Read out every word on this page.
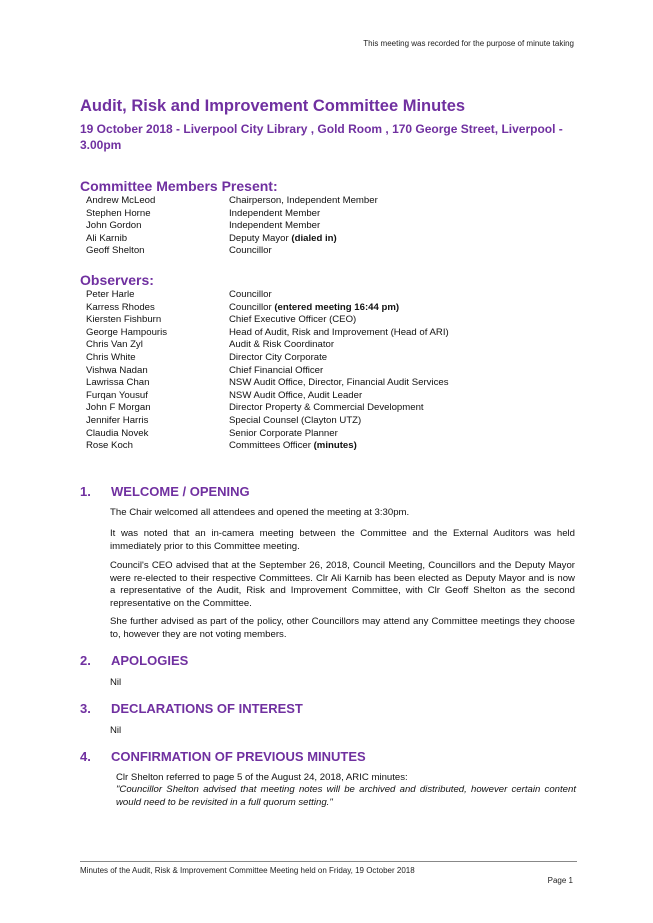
This meeting was recorded for the purpose of minute taking
Audit, Risk and Improvement Committee Minutes
19 October 2018 - Liverpool City Library , Gold Room , 170 George Street, Liverpool - 3.00pm
Committee Members Present:
Andrew McLeod	Chairperson, Independent Member
Stephen Horne	Independent Member
John Gordon	Independent Member
Ali Karnib	Deputy Mayor (dialed in)
Geoff Shelton	Councillor
Observers:
Peter Harle	Councillor
Karress Rhodes	Councillor (entered meeting 16:44 pm)
Kiersten Fishburn	Chief Executive Officer (CEO)
George Hampouris	Head of Audit, Risk and Improvement (Head of ARI)
Chris Van Zyl	Audit & Risk Coordinator
Chris White	Director City Corporate
Vishwa Nadan	Chief Financial Officer
Lawrissa Chan	NSW Audit Office, Director, Financial Audit Services
Furqan Yousuf	NSW Audit Office, Audit Leader
John F Morgan	Director Property & Commercial Development
Jennifer Harris	Special Counsel (Clayton UTZ)
Claudia Novek	Senior Corporate Planner
Rose Koch	Committees Officer (minutes)
1.	WELCOME / OPENING

The Chair welcomed all attendees and opened the meeting at 3:30pm.

It was noted that an in-camera meeting between the Committee and the External Auditors was held immediately prior to this Committee meeting.

Council's CEO advised that at the September 26, 2018, Council Meeting, Councillors and the Deputy Mayor were re-elected to their respective Committees. Clr Ali Karnib has been elected as Deputy Mayor and is now a representative of the Audit, Risk and Improvement Committee, with Clr Geoff Shelton as the second representative on the Committee.

She further advised as part of the policy, other Councillors may attend any Committee meetings they choose to, however they are not voting members.

2.	APOLOGIES

Nil

3.	DECLARATIONS OF INTEREST

Nil

4.	CONFIRMATION OF PREVIOUS MINUTES

Clr Shelton referred to page 5 of the August 24, 2018, ARIC minutes:

"Councillor Shelton advised that meeting notes will be archived and distributed, however certain content would need to be revisited in a full quorum setting."

Minutes of the Audit, Risk & Improvement Committee Meeting held on Friday, 19 October 2018
Page 1
